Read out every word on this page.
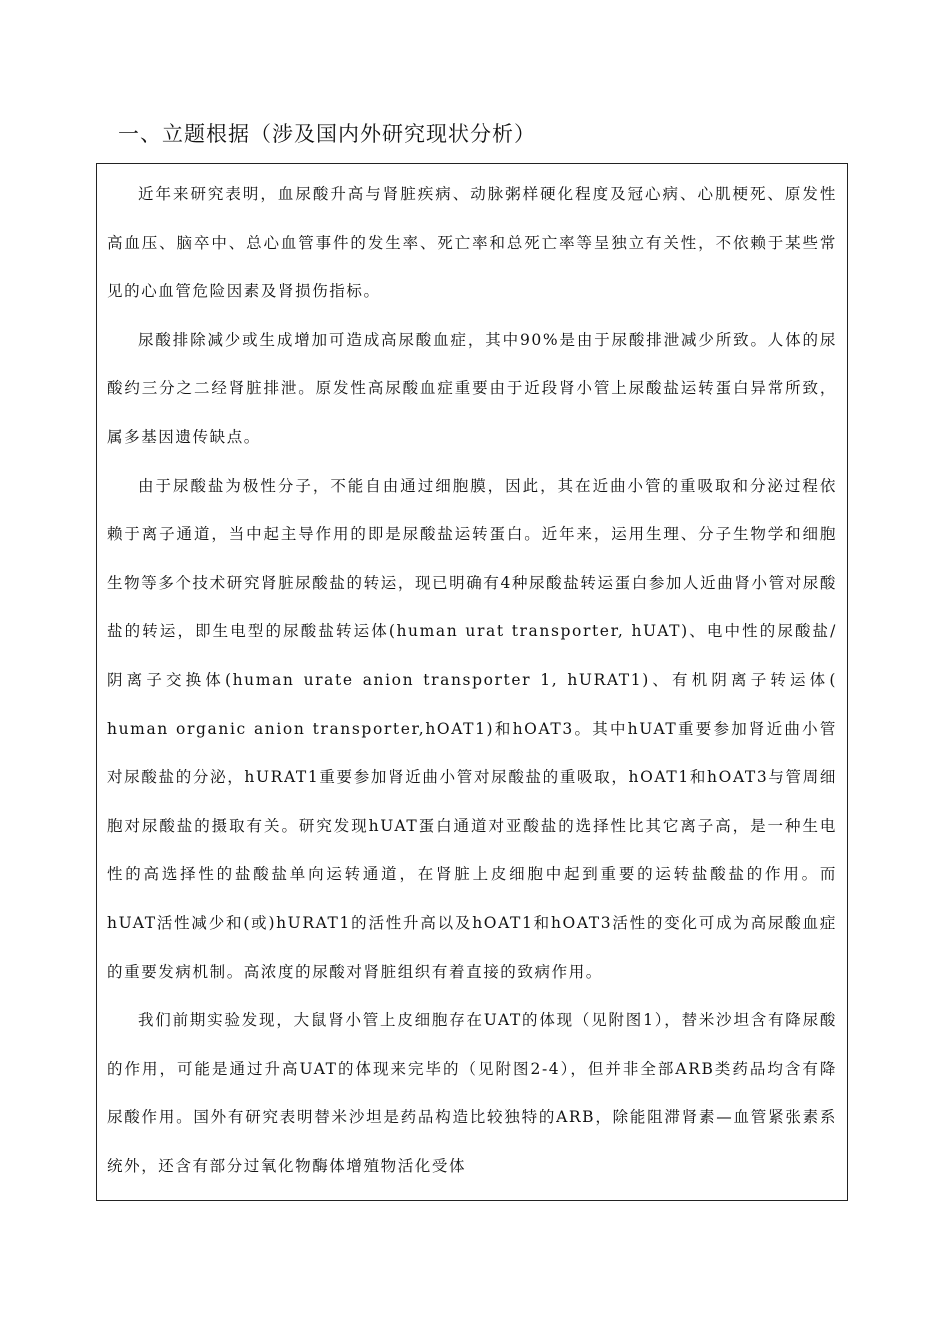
一、立题根据（涉及国内外研究现状分析）

近年来研究表明，血尿酸升高与肾脏疾病、动脉粥样硬化程度及冠心病、心肌梗死、原发性高血压、脑卒中、总心血管事件的发生率、死亡率和总死亡率等呈独立有关性，不依赖于某些常见的心血管危险因素及肾损伤指标。

尿酸排除减少或生成增加可造成高尿酸血症，其中90%是由于尿酸排泄减少所致。人体的尿酸约三分之二经肾脏排泄。原发性高尿酸血症重要由于近段肾小管上尿酸盐运转蛋白异常所致，属多基因遗传缺点。

由于尿酸盐为极性分子，不能自由通过细胞膜，因此，其在近曲小管的重吸取和分泌过程依赖于离子通道，当中起主导作用的即是尿酸盐运转蛋白。近年来，运用生理、分子生物学和细胞生物等多个技术研究肾脏尿酸盐的转运，现已明确有4种尿酸盐转运蛋白参加人近曲肾小管对尿酸盐的转运，即生电型的尿酸盐转运体(human urat transporter, hUAT)、电中性的尿酸盐/阴离子交换体(human urate anion transporter 1, hURAT1)、有机阴离子转运体( human organic anion transporter,hOAT1)和hOAT3。其中hUAT重要参加肾近曲小管对尿酸盐的分泌，hURAT1重要参加肾近曲小管对尿酸盐的重吸取，hOAT1和hOAT3与管周细胞对尿酸盐的摄取有关。研究发现hUAT蛋白通道对亚酸盐的选择性比其它离子高，是一种生电性的高选择性的盐酸盐单向运转通道，在肾脏上皮细胞中起到重要的运转盐酸盐的作用。而hUAT活性减少和(或)hURAT1的活性升高以及hOAT1和hOAT3活性的变化可成为高尿酸血症的重要发病机制。高浓度的尿酸对肾脏组织有着直接的致病作用。

我们前期实验发现，大鼠肾小管上皮细胞存在UAT的体现（见附图1），替米沙坦含有降尿酸的作用，可能是通过升高UAT的体现来完毕的（见附图2-4），但并非全部ARB类药品均含有降尿酸作用。国外有研究表明替米沙坦是药品构造比较独特的ARB，除能阻滞肾素—血管紧张素系统外，还含有部分过氧化物酶体增殖物活化受体
